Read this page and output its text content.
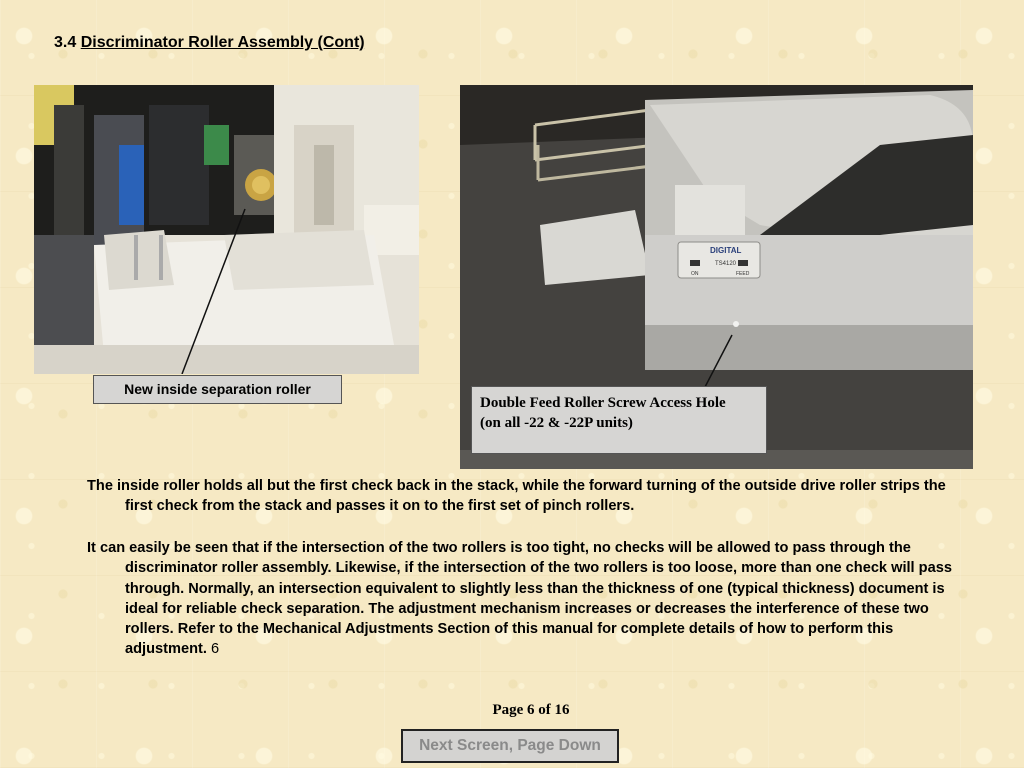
3.4 Discriminator Roller Assembly (Cont)
DIGITAL
TS4120
ON	FEED
New inside separation roller
Double Feed Roller Screw Access Hole
(on all -22 & -22P units)
The inside roller holds all but the first check back in the stack, while the forward turning of the outside drive roller strips the first check from the stack and passes it on to the first set of pinch rollers.
It can easily be seen that if the intersection of the two rollers is too tight, no checks will be allowed to pass through the discriminator roller assembly. Likewise, if the intersection of the two rollers is too loose, more than one check will pass through. Normally, an intersection equivalent to slightly less than the thickness of one (typical thickness) document is ideal for reliable check separation. The adjustment mechanism increases or decreases the interference of these two rollers. Refer to the Mechanical Adjustments Section of this manual for complete details of how to perform this adjustment. 6
Page 6 of 16
Next Screen, Page Down
